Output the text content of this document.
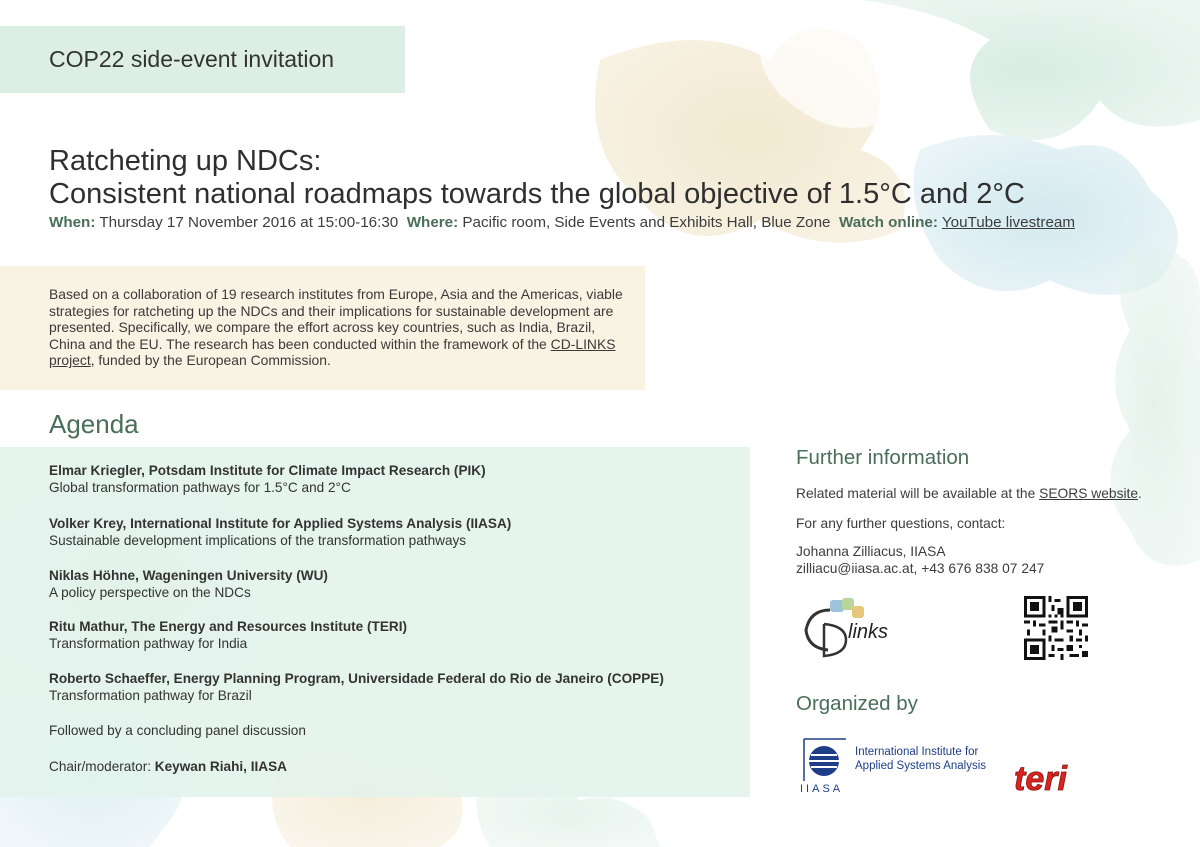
COP22 side-event invitation
Ratcheting up NDCs:
Consistent national roadmaps towards the global objective of 1.5°C and 2°C
When: Thursday 17 November 2016 at 15:00-16:30 Where: Pacific room, Side Events and Exhibits Hall, Blue Zone Watch online: YouTube livestream

Based on a collaboration of 19 research institutes from Europe, Asia and the Americas, viable strategies for ratcheting up the NDCs and their implications for sustainable development are presented. Specifically, we compare the effort across key countries, such as India, Brazil, China and the EU. The research has been conducted within the framework of the CD-LINKS project, funded by the European Commission.

Agenda
Elmar Kriegler, Potsdam Institute for Climate Impact Research (PIK)
Global transformation pathways for 1.5°C and 2°C
Volker Krey, International Institute for Applied Systems Analysis (IIASA)
Sustainable development implications of the transformation pathways
Niklas Höhne, Wageningen University (WU)
A policy perspective on the NDCs
Ritu Mathur, The Energy and Resources Institute (TERI)
Transformation pathway for India
Roberto Schaeffer, Energy Planning Program, Universidade Federal do Rio de Janeiro (COPPE)
Transformation pathway for Brazil
Followed by a concluding panel discussion
Chair/moderator: Keywan Riahi, IIASA
Further information
Related material will be available at the SEORS website.
For any further questions, contact:
Johanna Zilliacus, IIASA
zilliacu@iiasa.ac.at, +43 676 838 07 247
links
Organized by
International Institute for
Applied Systems Analysis
IIASA	teri
